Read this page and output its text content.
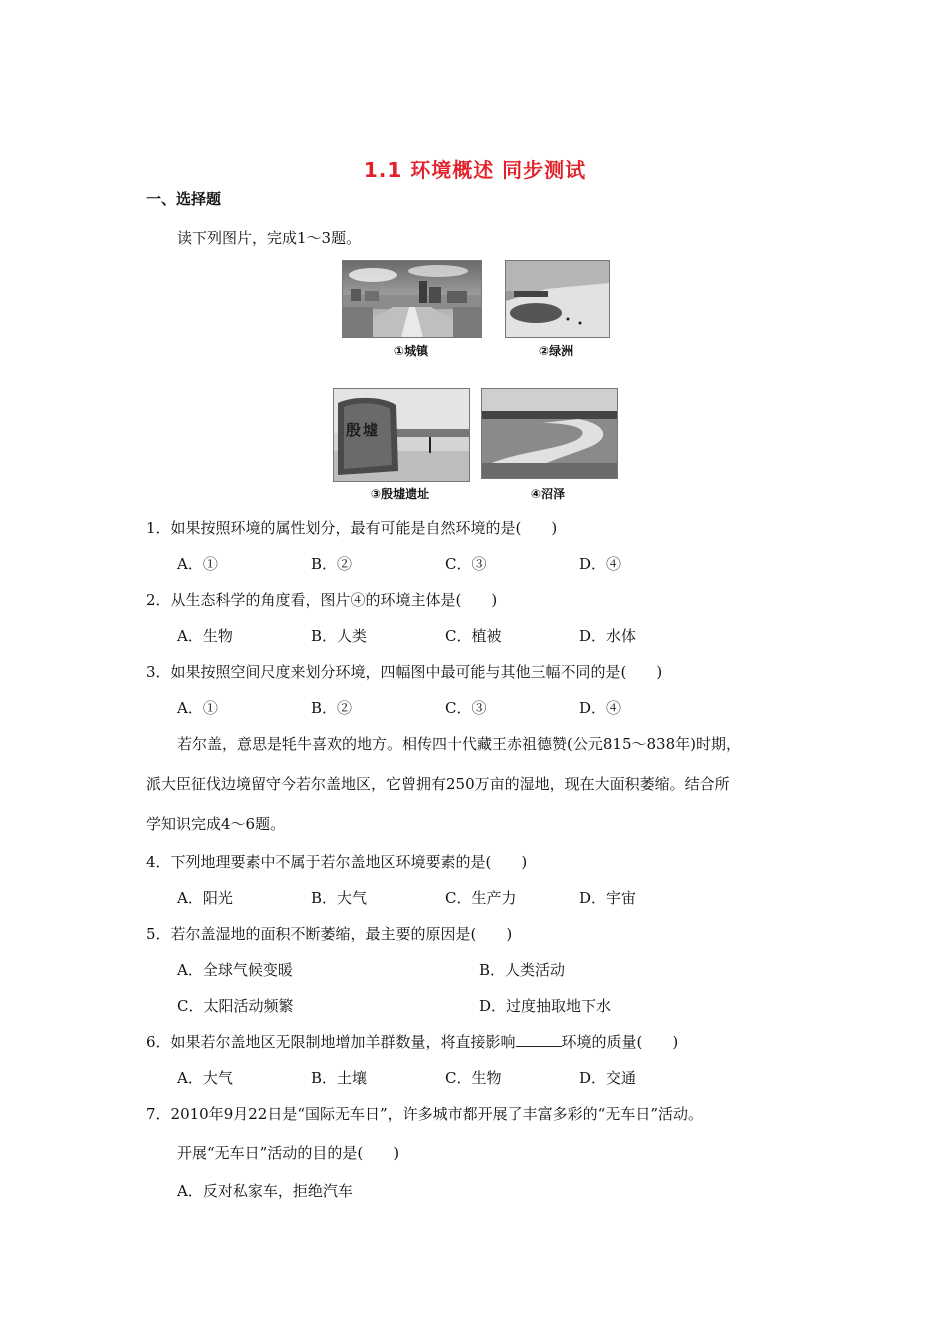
1.1 环境概述 同步测试
一、选择题
读下列图片，完成1～3题。
①城镇	②绿洲
殷墟
③殷墟遗址	④沼泽
1．如果按照环境的属性划分，最有可能是自然环境的是(　　)
A．①	B．②	C．③	D．④
2．从生态科学的角度看，图片④的环境主体是(　　)
A．生物	B．人类	C．植被	D．水体
3．如果按照空间尺度来划分环境，四幅图中最可能与其他三幅不同的是(　　)
A．①	B．②	C．③	D．④
若尔盖，意思是牦牛喜欢的地方。相传四十代藏王赤祖德赞(公元815～838年)时期，
派大臣征伐边境留守今若尔盖地区，它曾拥有250万亩的湿地，现在大面积萎缩。结合所
学知识完成4～6题。
4．下列地理要素中不属于若尔盖地区环境要素的是(　　)
A．阳光	B．大气	C．生产力	D．宇宙
5．若尔盖湿地的面积不断萎缩，最主要的原因是(　　)
A．全球气候变暖	B．人类活动
C．太阳活动频繁	D．过度抽取地下水
6．如果若尔盖地区无限制地增加羊群数量，将直接影响	环境的质量(　　)
A．大气	B．土壤	C．生物	D．交通
7．2010年9月22日是“国际无车日”，许多城市都开展了丰富多彩的“无车日”活动。
开展“无车日”活动的目的是(　　)
A．反对私家车，拒绝汽车
